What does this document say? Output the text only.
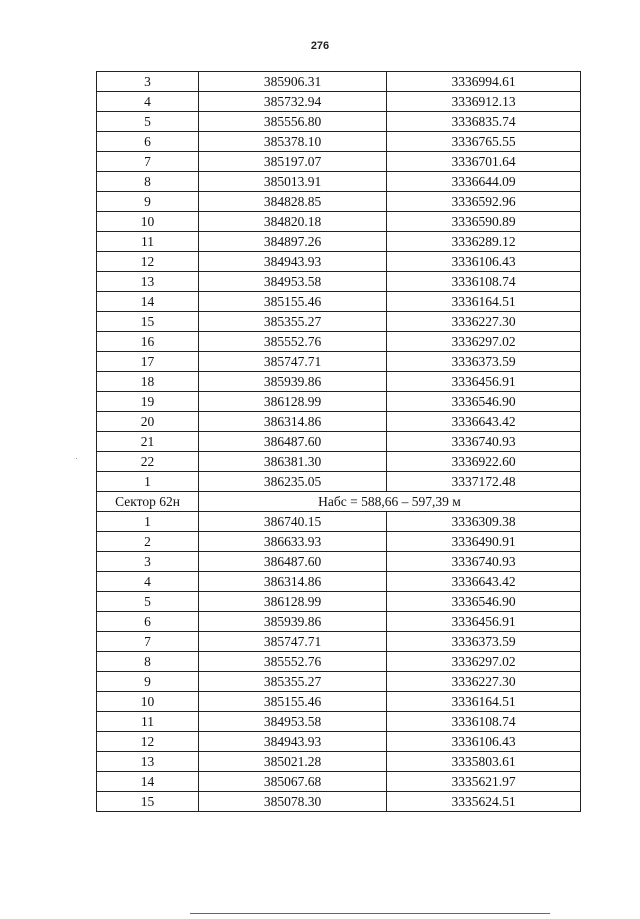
276
3	385906.31	3336994.61
4	385732.94	3336912.13
5	385556.80	3336835.74
6	385378.10	3336765.55
7	385197.07	3336701.64
8	385013.91	3336644.09
9	384828.85	3336592.96
10	384820.18	3336590.89
11	384897.26	3336289.12
12	384943.93	3336106.43
13	384953.58	3336108.74
14	385155.46	3336164.51
15	385355.27	3336227.30
16	385552.76	3336297.02
17	385747.71	3336373.59
18	385939.86	3336456.91
19	386128.99	3336546.90
20	386314.86	3336643.42
21	386487.60	3336740.93
22	386381.30	3336922.60
1	386235.05	3337172.48
Сектор 62н	Набс = 588,66 – 597,39 м	
1	386740.15	3336309.38
2	386633.93	3336490.91
3	386487.60	3336740.93
4	386314.86	3336643.42
5	386128.99	3336546.90
6	385939.86	3336456.91
7	385747.71	3336373.59
8	385552.76	3336297.02
9	385355.27	3336227.30
10	385155.46	3336164.51
11	384953.58	3336108.74
12	384943.93	3336106.43
13	385021.28	3335803.61
14	385067.68	3335621.97
15	385078.30	3335624.51
